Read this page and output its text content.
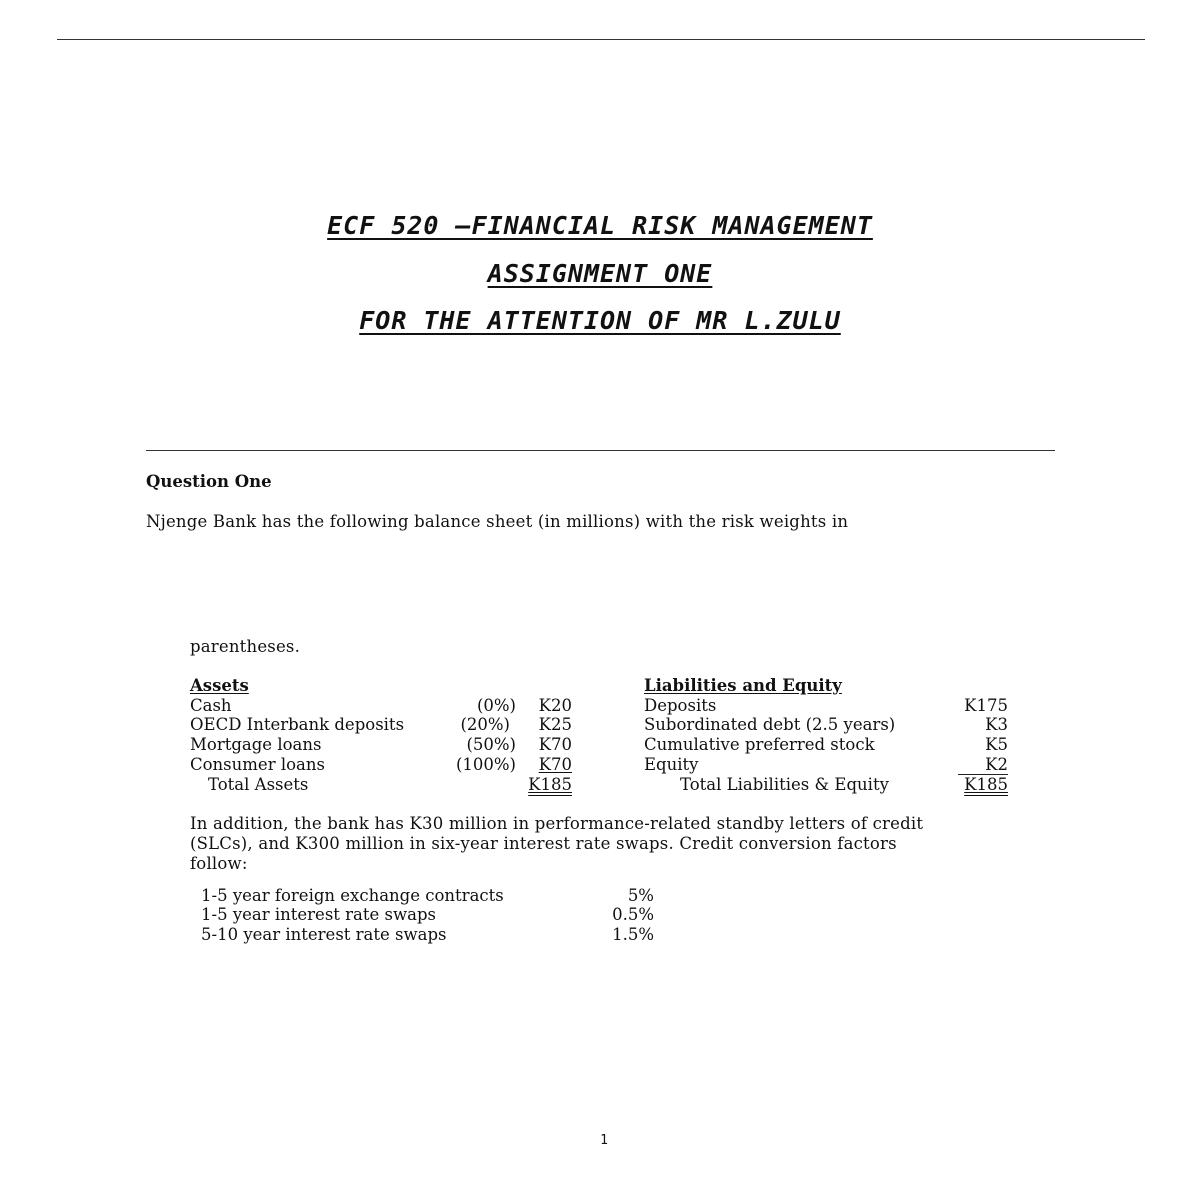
ECF 520 –FINANCIAL RISK MANAGEMENT
ASSIGNMENT ONE
FOR THE ATTENTION OF MR L.ZULU
Question One
Njenge Bank has the following balance sheet (in millions) with the risk weights in
parentheses.
Assets
Cash	(0%)	K20
OECD Interbank deposits	(20%)	K25
Mortgage loans	(50%)	K70
Consumer loans	(100%)	K70
Total Assets	K185
Liabilities and Equity
Deposits	K175
Subordinated debt (2.5 years)	K3
Cumulative preferred stock	K5
Equity	K2
Total Liabilities & Equity	K185
In addition, the bank has K30 million in performance-related standby letters of credit
(SLCs), and K300 million in six-year interest rate swaps. Credit conversion factors
follow:
1-5 year foreign exchange contracts	5%
1-5 year interest rate swaps	0.5%
5-10 year interest rate swaps	1.5%
1
